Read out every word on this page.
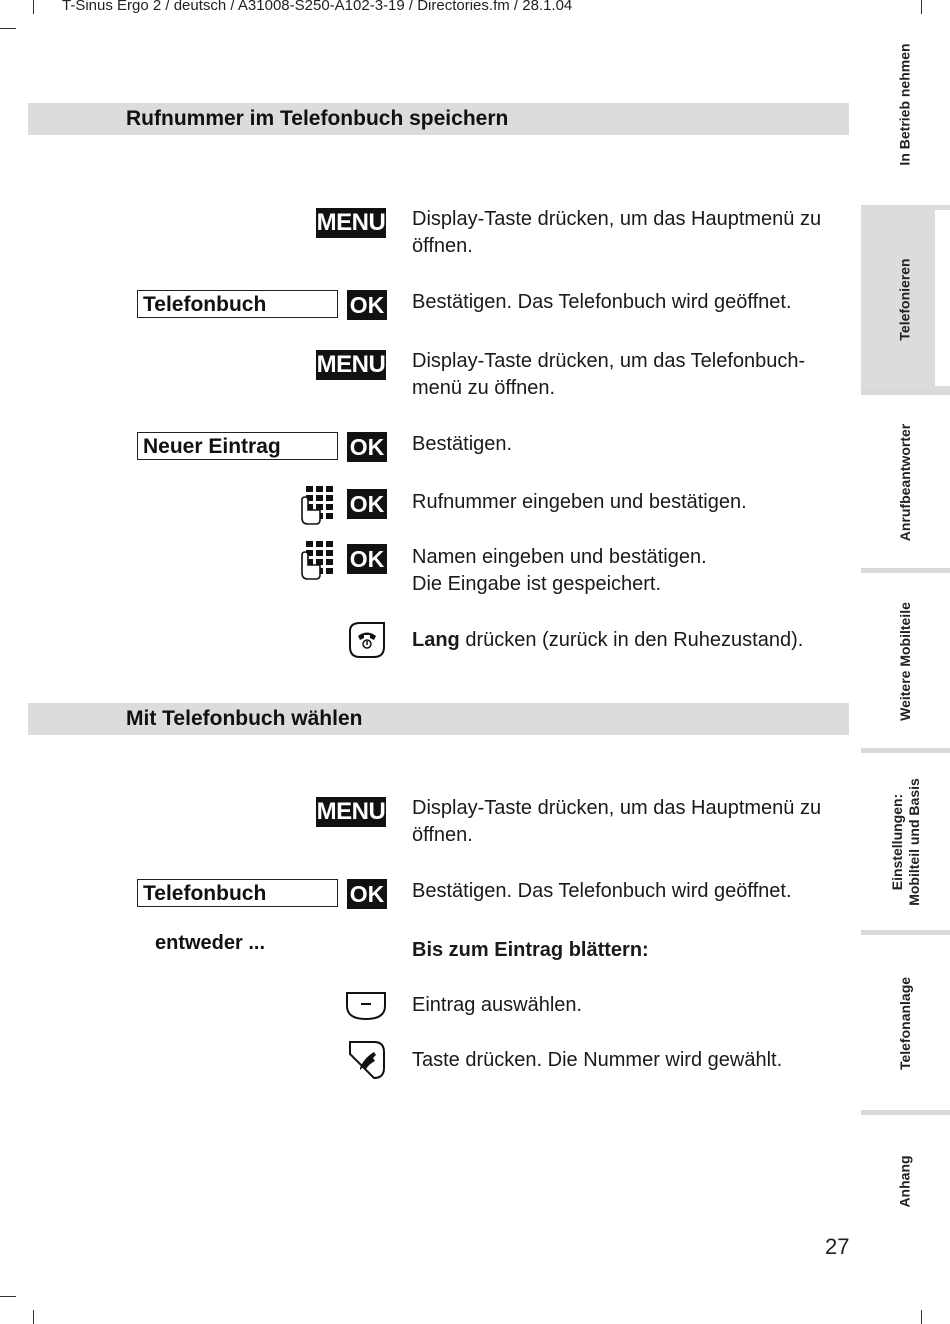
T-Sinus Ergo 2 / deutsch / A31008-S250-A102-3-19 / Directories.fm / 28.1.04
Rufnummer im Telefonbuch speichern
MENU Display-Taste drücken, um das Hauptmenü zu öffnen.
Telefonbuch	OK Bestätigen. Das Telefonbuch wird geöffnet.
MENU Display-Taste drücken, um das Telefonbuch-menü zu öffnen.
Neuer Eintrag	OK Bestätigen.
OK Rufnummer eingeben und bestätigen.
OK Namen eingeben und bestätigen.
Die Eingabe ist gespeichert.
Lang drücken (zurück in den Ruhezustand).
Mit Telefonbuch wählen
MENU Display-Taste drücken, um das Hauptmenü zu öffnen.
Telefonbuch	OK Bestätigen. Das Telefonbuch wird geöffnet.
entweder ...	Bis zum Eintrag blättern:
Eintrag auswählen.
Taste drücken. Die Nummer wird gewählt.
In Betrieb nehmen
Telefonieren
Anrufbeantworter
Weitere Mobilteile
Einstellungen: Mobilteil und Basis
Telefonanlage
Anhang
27
